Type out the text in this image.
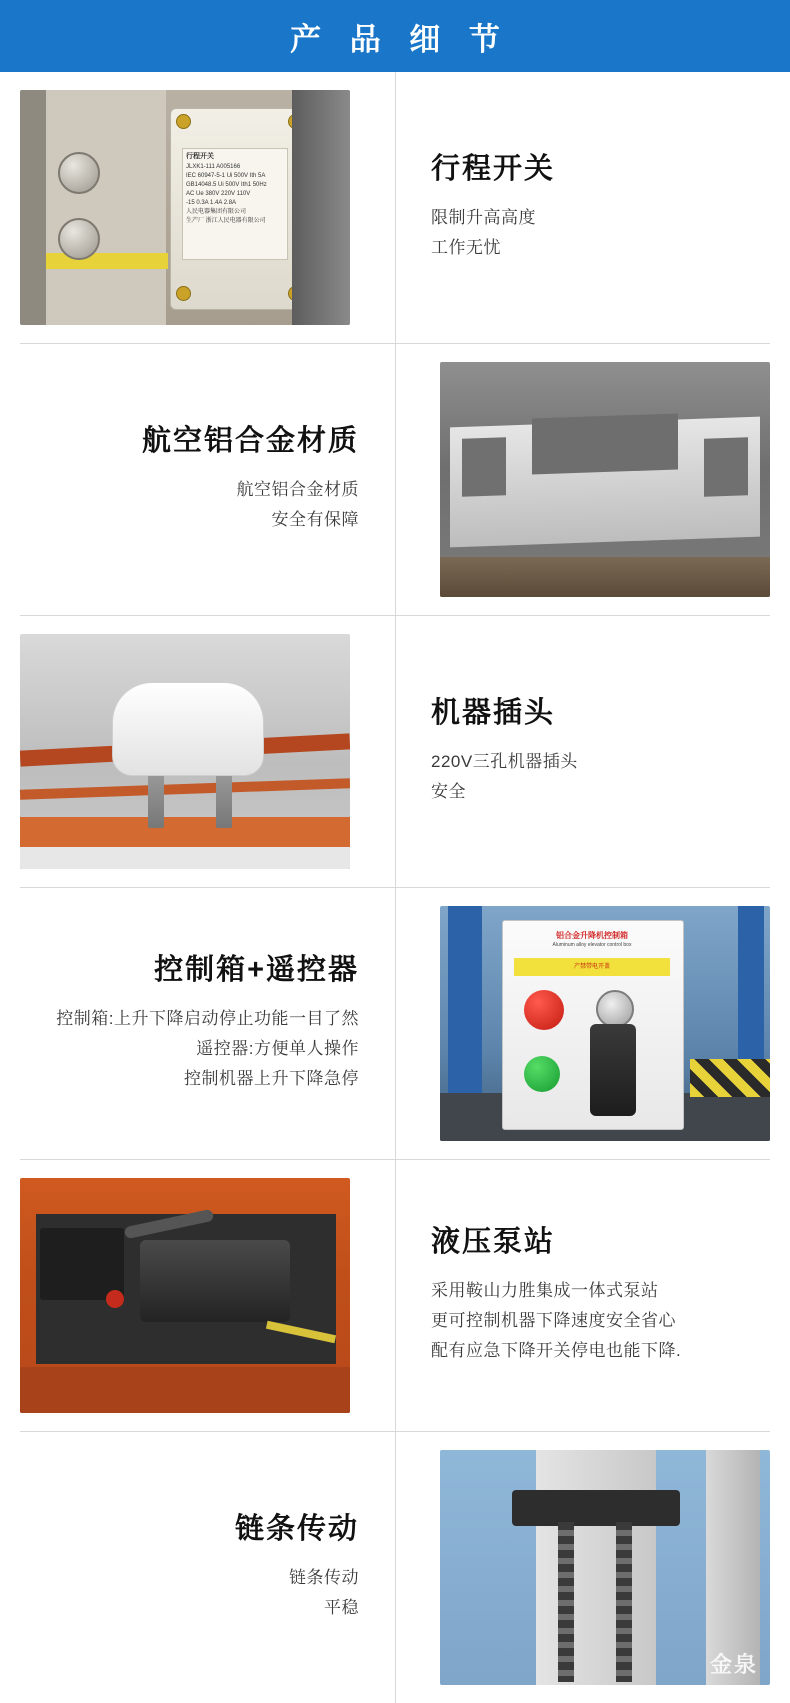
产 品 细 节
行程开关
JLXK1-111 A005166
IEC 60947-5-1 Ui 500V Ith 5A
GB14048.5 Ui 500V Ith1 50Hz
AC Ue 380V 220V 110V
-15 0.3A 1.4A 2.8A
人民电器集团有限公司
生产厂 浙江人民电器有限公司
行程开关
限制升高高度
工作无忧
航空铝合金材质
航空铝合金材质
安全有保障
机器插头
220V三孔机器插头
安全
控制箱+遥控器
控制箱:上升下降启动停止功能一目了然
遥控器:方便单人操作
控制机器上升下降急停
铝合金升降机控制箱
Aluminum alloy elevator control box
产禁带电开盖
液压泵站
采用鞍山力胜集成一体式泵站
更可控制机器下降速度安全省心
配有应急下降开关停电也能下降.
链条传动
链条传动
平稳
金泉
